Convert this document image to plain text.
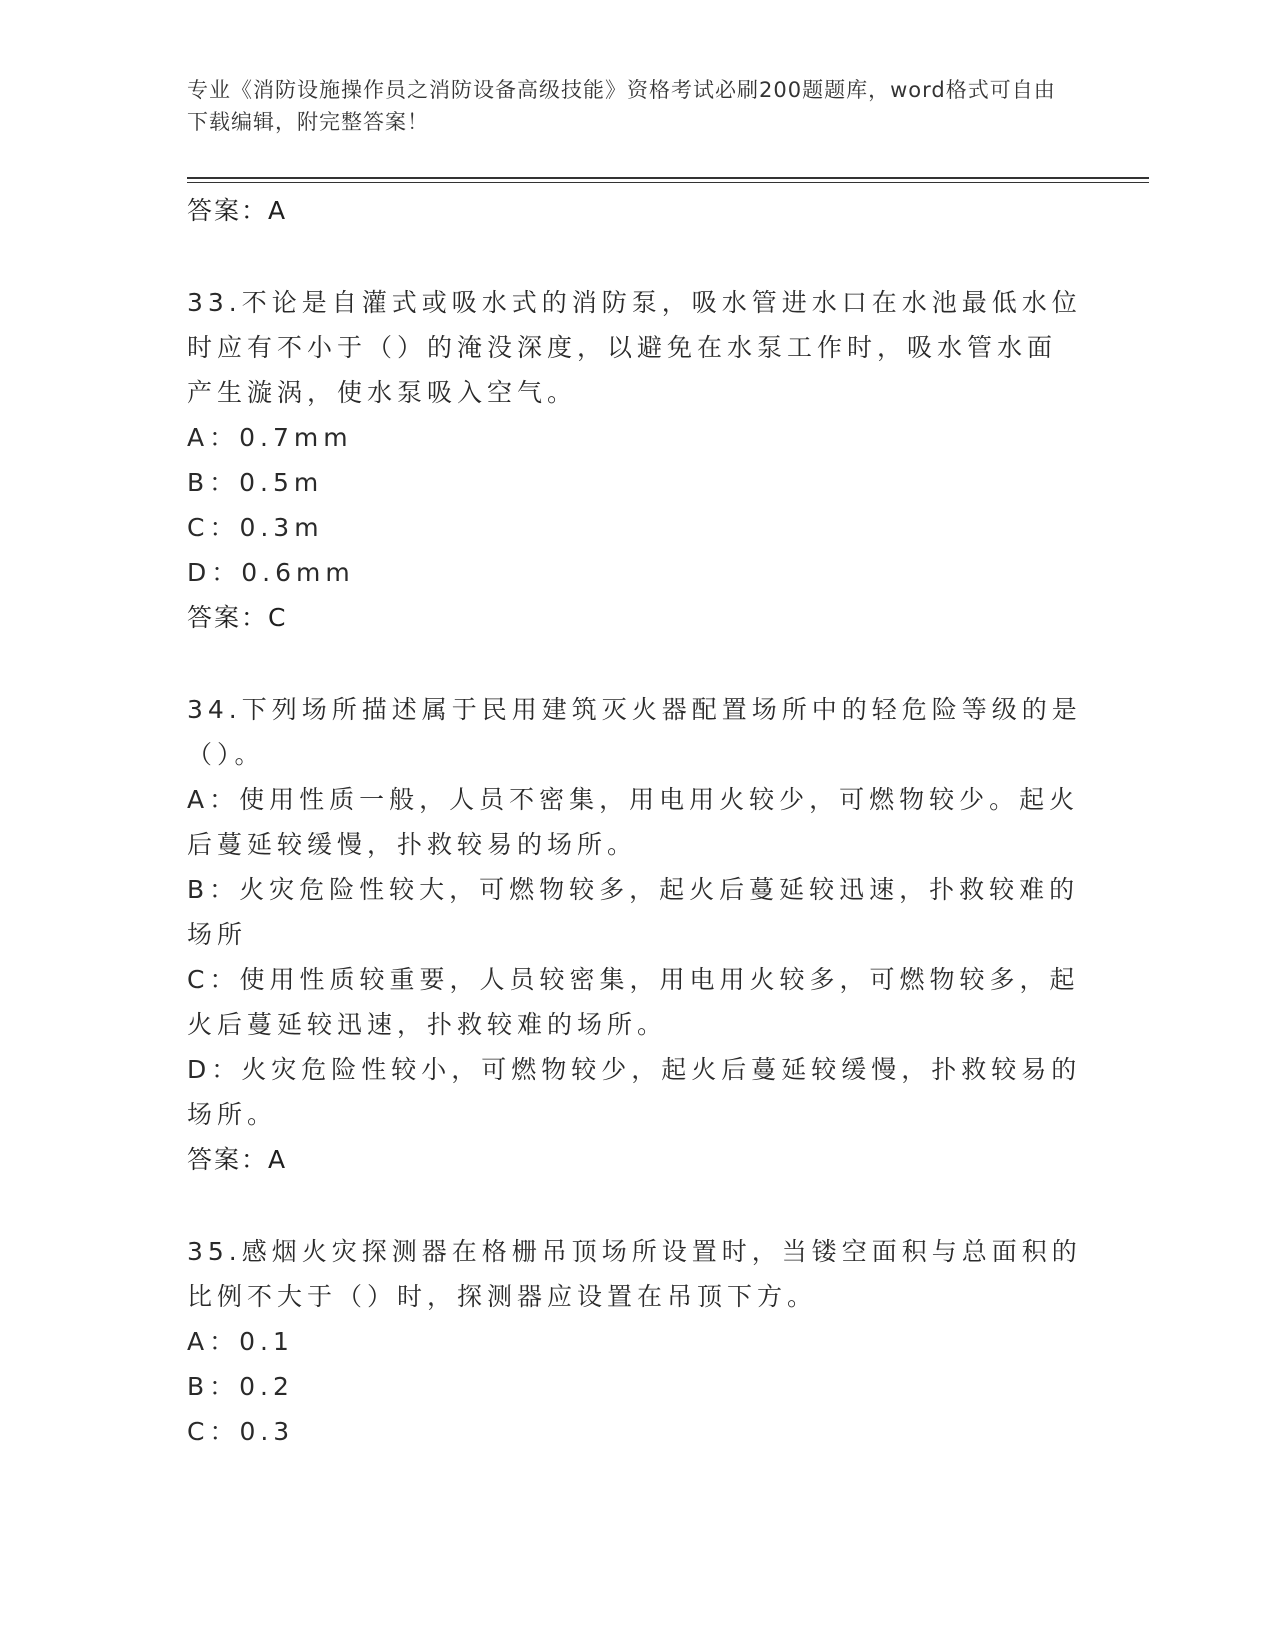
专业《消防设施操作员之消防设备高级技能》资格考试必刷200题题库，word格式可自由下载编辑，附完整答案！

答案：A

33.不论是自灌式或吸水式的消防泵，吸水管进水口在水池最低水位时应有不小于（）的淹没深度，以避免在水泵工作时，吸水管水面产生漩涡，使水泵吸入空气。

A：0.7mm

B：0.5m

C：0.3m

D：0.6mm

答案：C

34.下列场所描述属于民用建筑灭火器配置场所中的轻危险等级的是（）。

A：使用性质一般，人员不密集，用电用火较少，可燃物较少。起火后蔓延较缓慢，扑救较易的场所。

B：火灾危险性较大，可燃物较多，起火后蔓延较迅速，扑救较难的场所

C：使用性质较重要，人员较密集，用电用火较多，可燃物较多，起火后蔓延较迅速，扑救较难的场所。

D：火灾危险性较小，可燃物较少，起火后蔓延较缓慢，扑救较易的场所。

答案：A

35.感烟火灾探测器在格栅吊顶场所设置时，当镂空面积与总面积的比例不大于（）时，探测器应设置在吊顶下方。

A：0.1

B：0.2

C：0.3
